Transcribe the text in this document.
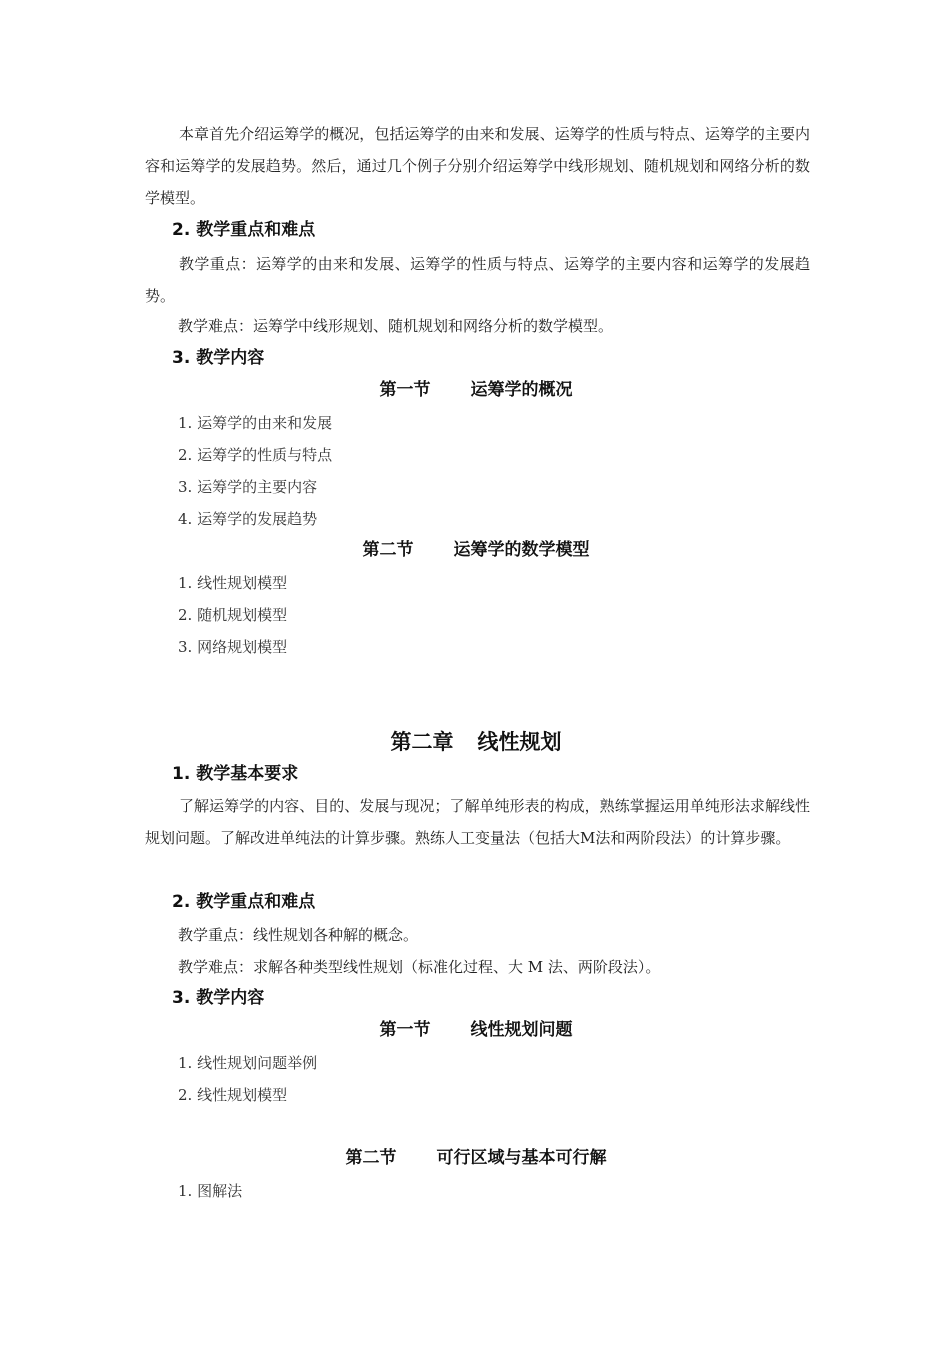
本章首先介绍运筹学的概况，包括运筹学的由来和发展、运筹学的性质与特点、运筹学的主要内容和运筹学的发展趋势。然后，通过几个例子分别介绍运筹学中线形规划、随机规划和网络分析的数学模型。

2. 教学重点和难点

教学重点：运筹学的由来和发展、运筹学的性质与特点、运筹学的主要内容和运筹学的发展趋势。

教学难点：运筹学中线形规划、随机规划和网络分析的数学模型。
3. 教学内容
第一节 运筹学的概况
1. 运筹学的由来和发展
2. 运筹学的性质与特点
3. 运筹学的主要内容
4. 运筹学的发展趋势
第二节 运筹学的数学模型
1. 线性规划模型
2. 随机规划模型
3. 网络规划模型
第二章 线性规划
1. 教学基本要求

了解运筹学的内容、目的、发展与现况；了解单纯形表的构成，熟练掌握运用单纯形法求解线性规划问题。了解改进单纯法的计算步骤。熟练人工变量法（包括大M法和两阶段法）的计算步骤。

2. 教学重点和难点
教学重点：线性规划各种解的概念。
教学难点：求解各种类型线性规划（标准化过程、大 M 法、两阶段法）。
3. 教学内容
第一节 线性规划问题
1. 线性规划问题举例
2. 线性规划模型
第二节 可行区域与基本可行解
1. 图解法
